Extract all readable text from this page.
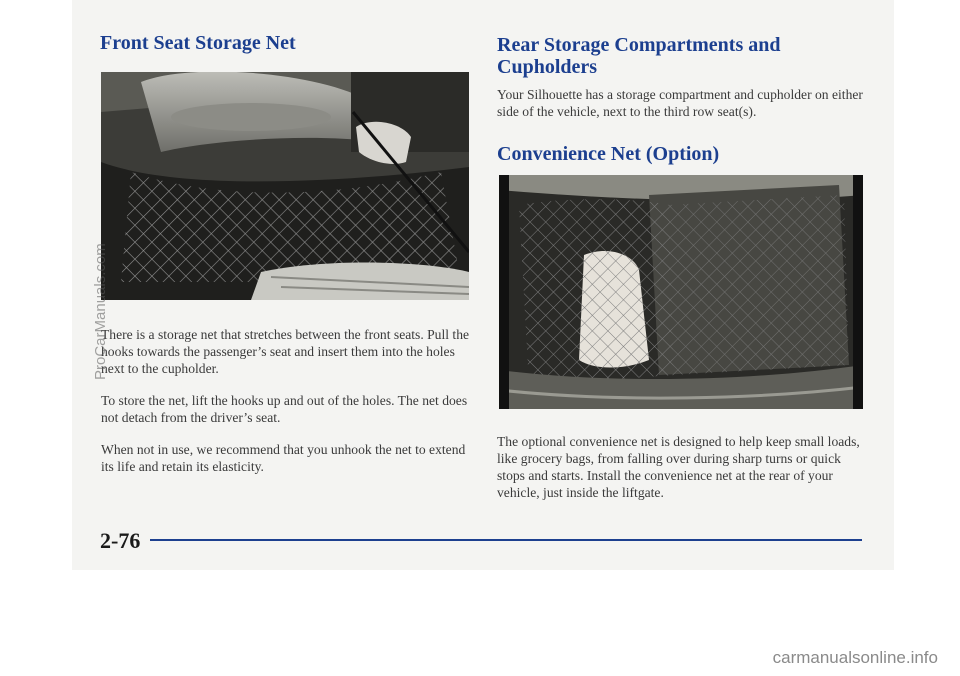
Front Seat Storage Net

There is a storage net that stretches between the front seats. Pull the hooks towards the passenger’s seat and insert them into the holes next to the cupholder.

To store the net, lift the hooks up and out of the holes. The net does not detach from the driver’s seat.

When not in use, we recommend that you unhook the net to extend its life and retain its elasticity.

Rear Storage Compartments and Cupholders

Your Silhouette has a storage compartment and cupholder on either side of the vehicle, next to the third row seat(s).

Convenience Net (Option)

The optional convenience net is designed to help keep small loads, like grocery bags, from falling over during sharp turns or quick stops and starts. Install the convenience net at the rear of your vehicle, just inside the liftgate.

2-76
ProCarManuals.com
carmanualsonline.info
